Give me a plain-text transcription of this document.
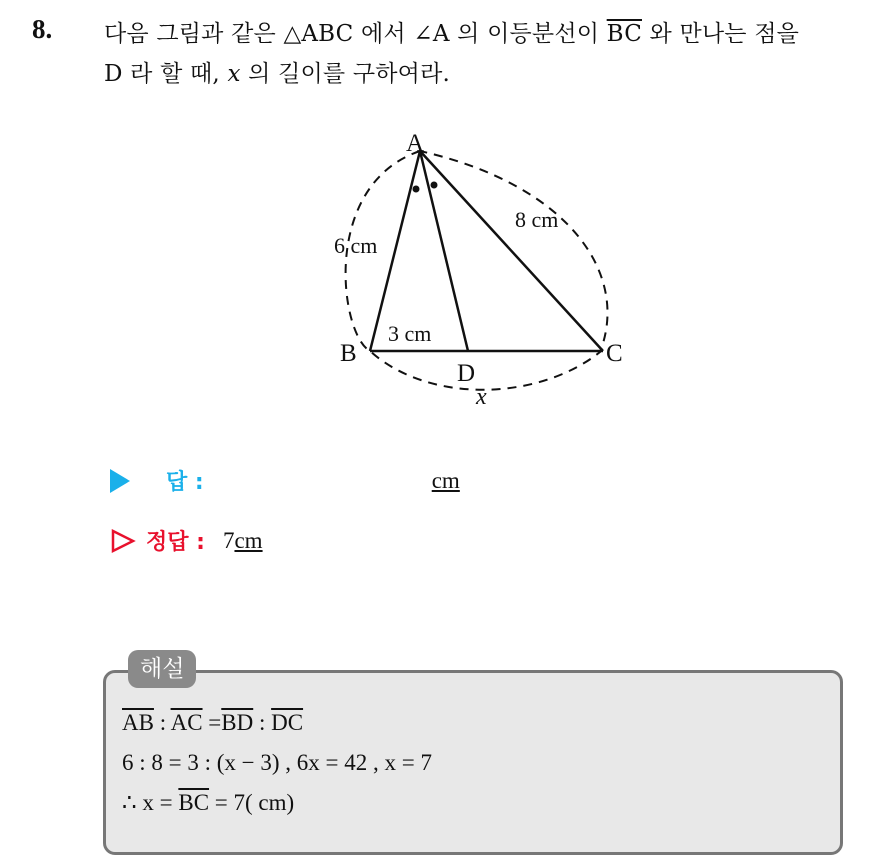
8. 다음 그림과 같은 △ABC 에서 ∠A 의 이등분선이 $\overline{BC}$ 와 만나는 점을
D 라 할 때, x 의 길이를 구하여라.
A
B	C
D
6 cm
8 cm
3 cm
x
답 :	cm
정답 : 7 cm
해설
$\overline{AB}$ : $\overline{AC} =\overline{BD}$ : $\overline{DC}$
6 : 8 = 3 : (x − 3) , 6x = 42 , x = 7
∴ $x = \overline{BC} = 7$( cm)
